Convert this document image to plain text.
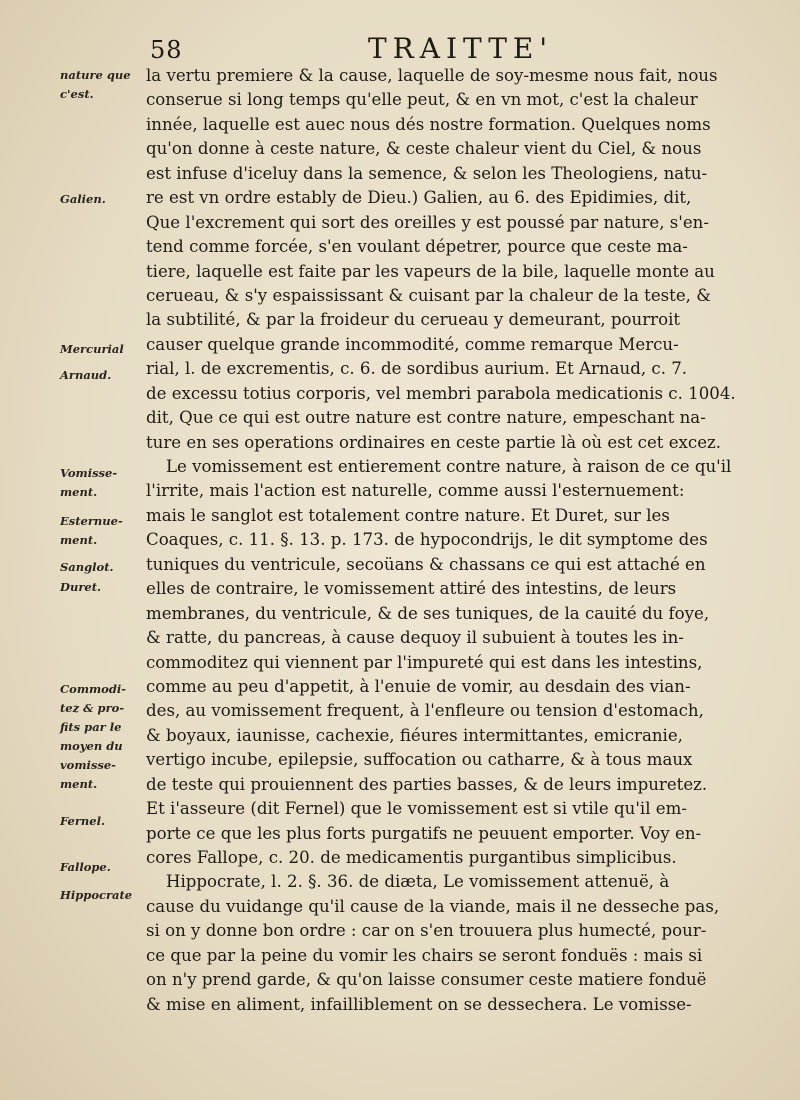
58	TRAITTE'
nature que
c'est.
Galien.
Mercurial
Arnaud.
Vomisse-
ment.
Esternue-
ment.
Sanglot.
Duret.
Commodi-
tez & pro-
fits par le
moyen du
vomisse-
ment.
Fernel.
Fallope.
Hippocrate
la vertu premiere & la cause, laquelle de soy-mesme nous fait, nous
conserue si long temps qu'elle peut, & en vn mot, c'est la chaleur
innée, laquelle est auec nous dés nostre formation. Quelques noms
qu'on donne à ceste nature, & ceste chaleur vient du Ciel, & nous
est infuse d'iceluy dans la semence, & selon les Theologiens, natu-
re est vn ordre estably de Dieu.) Galien, au 6. des Epidimies, dit,
Que l'excrement qui sort des oreilles y est poussé par nature, s'en-
tend comme forcée, s'en voulant dépetrer, pource que ceste ma-
tiere, laquelle est faite par les vapeurs de la bile, laquelle monte au
cerueau, & s'y espaississant & cuisant par la chaleur de la teste, &
la subtilité, & par la froideur du cerueau y demeurant, pourroit
causer quelque grande incommodité, comme remarque Mercu-
rial, l. de excrementis, c. 6. de sordibus aurium. Et Arnaud, c. 7.
de excessu totius corporis, vel membri parabola medicationis c. 1004.
dit, Que ce qui est outre nature est contre nature, empeschant na-
ture en ses operations ordinaires en ceste partie là où est cet excez.
Le vomissement est entierement contre nature, à raison de ce qu'il
l'irrite, mais l'action est naturelle, comme aussi l'esternuement:
mais le sanglot est totalement contre nature. Et Duret, sur les
Coaques, c. 11. §. 13. p. 173. de hypocondrijs, le dit symptome des
tuniques du ventricule, secoüans & chassans ce qui est attaché en
elles de contraire, le vomissement attiré des intestins, de leurs
membranes, du ventricule, & de ses tuniques, de la cauité du foye,
& ratte, du pancreas, à cause dequoy il subuient à toutes les in-
commoditez qui viennent par l'impureté qui est dans les intestins,
comme au peu d'appetit, à l'enuie de vomir, au desdain des vian-
des, au vomissement frequent, à l'enfleure ou tension d'estomach,
& boyaux, iaunisse, cachexie, fiéures intermittantes, emicranie,
vertigo incube, epilepsie, suffocation ou catharre, & à tous maux
de teste qui prouiennent des parties basses, & de leurs impuretez.
Et i'asseure (dit Fernel) que le vomissement est si vtile qu'il em-
porte ce que les plus forts purgatifs ne peuuent emporter. Voy en-
cores Fallope, c. 20. de medicamentis purgantibus simplicibus.
Hippocrate, l. 2. §. 36. de diæta, Le vomissement attenuë, à
cause du vuidange qu'il cause de la viande, mais il ne desseche pas,
si on y donne bon ordre : car on s'en trouuera plus humecté, pour-
ce que par la peine du vomir les chairs se seront fonduës : mais si
on n'y prend garde, & qu'on laisse consumer ceste matiere fonduë
& mise en aliment, infailliblement on se dessechera. Le vomisse-
